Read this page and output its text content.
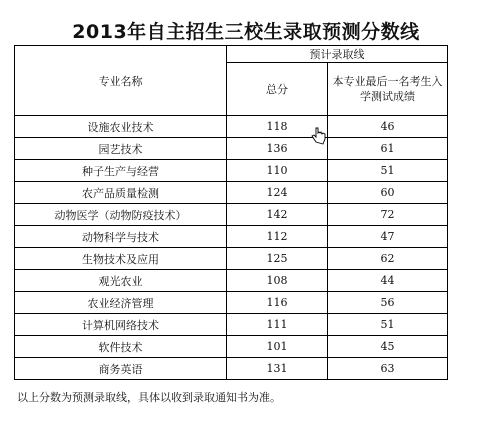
2013年自主招生三校生录取预测分数线
专业名称	预计录取线	
	总分	本专业最后一名考生入学测试成绩
设施农业技术	118	46
园艺技术	136	61
种子生产与经营	110	51
农产品质量检测	124	60
动物医学（动物防疫技术）	142	72
动物科学与技术	112	47
生物技术及应用	125	62
观光农业	108	44
农业经济管理	116	56
计算机网络技术	111	51
软件技术	101	45
商务英语	131	63
以上分数为预测录取线，具体以收到录取通知书为准。
